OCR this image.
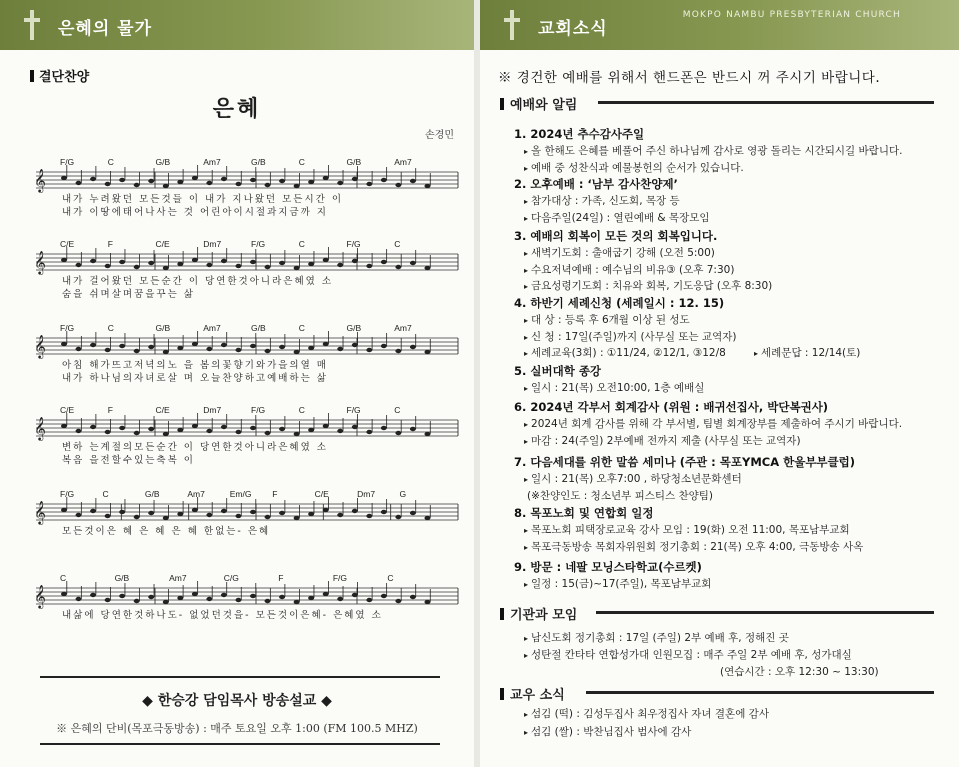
은혜의 물가
결단찬양
은혜
손경민
𝄞
F/G	C	G/B	Am7	G/B	C	G/B	Am7
내가 누려왔던 모든것들 이 내가 지나왔던 모든시간 이
내가 이땅에태어나사는 것 어린아이시절과지금까 지
𝄞
C/E	F	C/E	Dm7	F/G	C	F/G	C
내가 걸어왔던 모든순간 이 당연한것아니라은혜였 소
숨을 쉬며살며꿈을꾸는 삶
𝄞
F/G	C	G/B	Am7	G/B	C	G/B	Am7
아침 해가뜨고저녁의노 을 봄의꽃향기와가을의열 매
내가 하나님의자녀로살 며 오늘찬양하고예배하는 삶
𝄞
C/E	F	C/E	Dm7	F/G	C	F/G	C
변하 는계절의모든순간 이 당연한것아니라은혜였 소
복음 을전할수있는축복 이
𝄞
F/G	C	G/B	Am7	Em/G F	C/E	Dm7	G
모든것이은 혜 은 혜 은 혜 한없는- 은혜
𝄞
C	G/B	Am7	C/G	F	F/G	C
내삶에 당연한것하나도- 없었던것을- 모든것이은혜- 은혜였 소
◆ 한승강 담임목사 방송설교 ◆
※ 은혜의 단비(목포극동방송) : 매주 토요일 오후 1:00 (FM 100.5 MHZ)
교회소식
MOKPO NAMBU PRESBYTERIAN CHURCH
※ 경건한 예배를 위해서 핸드폰은 반드시 꺼 주시기 바랍니다.
예배와 알림
1. 2024년 추수감사주일
▸ 올 한해도 은혜를 베풀어 주신 하나님께 감사로 영광 돌리는 시간되시길 바랍니다.
▸ 예배 중 성찬식과 예물봉헌의 순서가 있습니다.
2. 오후예배 : ‘남부 감사찬양제’
▸ 참가대상 : 가족, 신도회, 목장 등
▸ 다음주일(24일) : 열린예배 & 목장모임
3. 예배의 회복이 모든 것의 회복입니다.
▸ 새벽기도회 : 출애굽기 강해 (오전 5:00)
▸ 수요저녁예배 : 예수님의 비유③ (오후 7:30)
▸ 금요성령기도회 : 치유와 회복, 기도응답 (오후 8:30)
4. 하반기 세례신청 (세례일시 : 12. 15)
▸ 대 상 : 등록 후 6개월 이상 된 성도
▸ 신 청 : 17일(주일)까지 (사무실 또는 교역자)
▸ 세례교육(3회) : ①11/24, ②12/1, ③12/8	▸ 세례문답 : 12/14(토)
5. 실버대학 종강
▸ 일시 : 21(목) 오전10:00, 1층 예배실
6. 2024년 각부서 회계감사 (위원 : 배귀선집사, 박단복권사)
▸ 2024년 회계 감사를 위해 각 부서별, 팀별 회계장부를 제출하여 주시기 바랍니다.
▸ 마감 : 24(주일) 2부예배 전까지 제출 (사무실 또는 교역자)
7. 다음세대를 위한 말씀 세미나 (주관 : 목포YMCA 한울부부클럽)
▸ 일시 : 21(목) 오후7:00 , 하당청소년문화센터
(※찬양인도 : 청소년부 피스티스 찬양팀)
8. 목포노회 및 연합회 일정
▸ 목포노회 피택장로교육 강사 모임 : 19(화) 오전 11:00, 목포남부교회
▸ 목포극동방송 목회자위원회 정기총회 : 21(목) 오후 4:00, 극동방송 사옥
9. 방문 : 네팔 모닝스타학교(수르켓)
▸ 일정 : 15(금)~17(주일), 목포남부교회
기관과 모임
▸ 남신도회 정기총회 : 17일 (주일) 2부 예배 후, 정해진 곳
▸ 성탄절 칸타타 연합성가대 인원모집 : 매주 주일 2부 예배 후, 성가대실
(연습시간 : 오후 12:30 ~ 13:30)
교우 소식
▸ 섬김 (떡) : 김성두집사 최우정집사 자녀 결혼에 감사
▸ 섬김 (쌀) : 박찬님집사 범사에 감사
